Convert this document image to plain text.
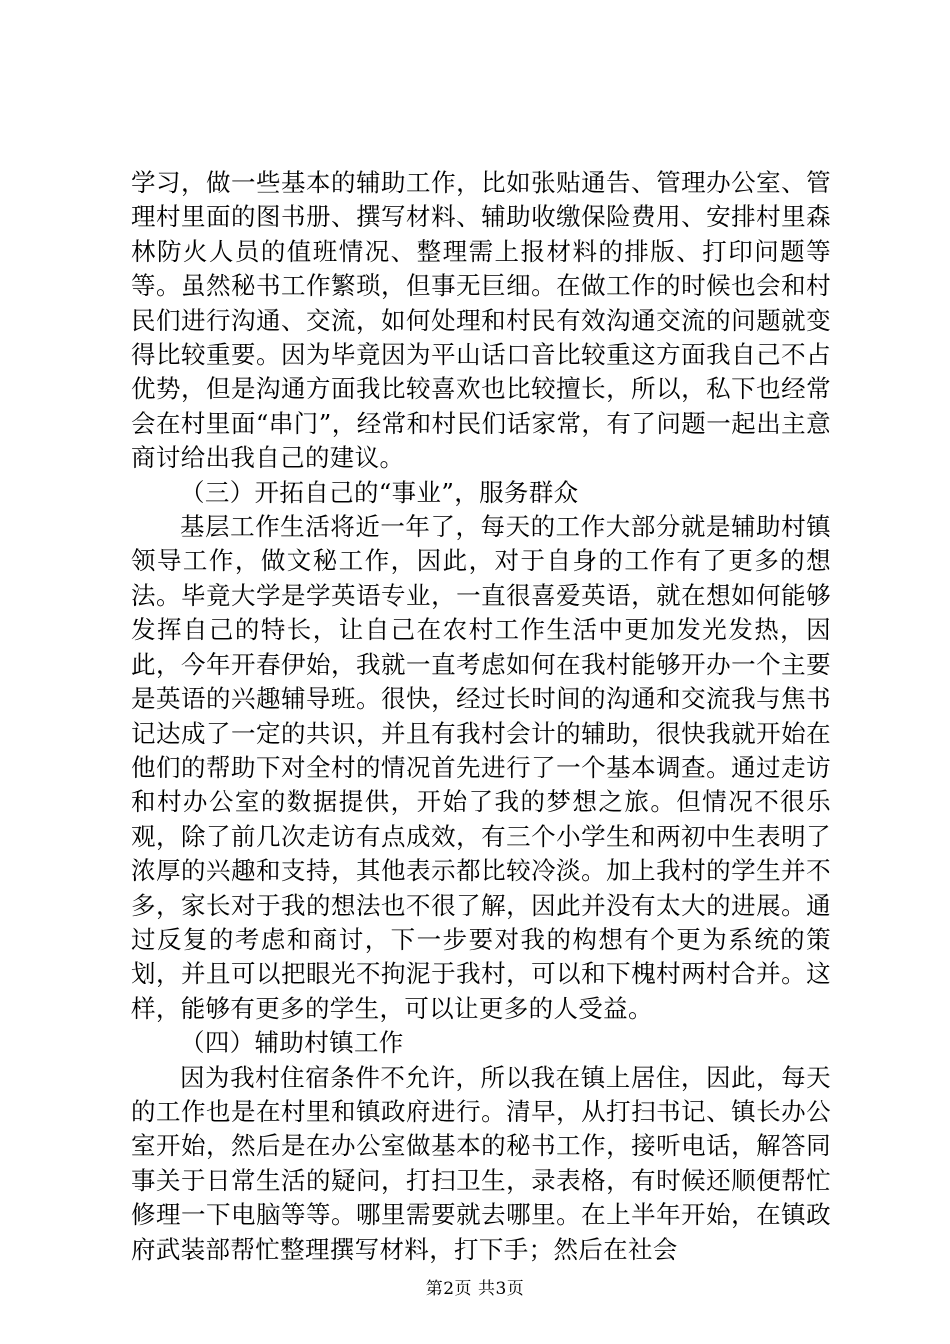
学习，做一些基本的辅助工作，比如张贴通告、管理办公室、管理村里面的图书册、撰写材料、辅助收缴保险费用、安排村里森林防火人员的值班情况、整理需上报材料的排版、打印问题等等。虽然秘书工作繁琐，但事无巨细。在做工作的时候也会和村民们进行沟通、交流，如何处理和村民有效沟通交流的问题就变得比较重要。因为毕竟因为平山话口音比较重这方面我自己不占优势，但是沟通方面我比较喜欢也比较擅长，所以，私下也经常会在村里面“串门”，经常和村民们话家常，有了问题一起出主意商讨给出我自己的建议。

（三）开拓自己的“事业”，服务群众

基层工作生活将近一年了，每天的工作大部分就是辅助村镇领导工作，做文秘工作，因此，对于自身的工作有了更多的想法。毕竟大学是学英语专业，一直很喜爱英语，就在想如何能够发挥自己的特长，让自己在农村工作生活中更加发光发热，因此，今年开春伊始，我就一直考虑如何在我村能够开办一个主要是英语的兴趣辅导班。很快，经过长时间的沟通和交流我与焦书记达成了一定的共识，并且有我村会计的辅助，很快我就开始在他们的帮助下对全村的情况首先进行了一个基本调查。通过走访和村办公室的数据提供，开始了我的梦想之旅。但情况不很乐观，除了前几次走访有点成效，有三个小学生和两初中生表明了浓厚的兴趣和支持，其他表示都比较冷淡。加上我村的学生并不多，家长对于我的想法也不很了解，因此并没有太大的进展。通过反复的考虑和商讨，下一步要对我的构想有个更为系统的策划，并且可以把眼光不拘泥于我村，可以和下槐村两村合并。这样，能够有更多的学生，可以让更多的人受益。

（四）辅助村镇工作

因为我村住宿条件不允许，所以我在镇上居住，因此，每天的工作也是在村里和镇政府进行。清早，从打扫书记、镇长办公室开始，然后是在办公室做基本的秘书工作，接听电话，解答同事关于日常生活的疑问，打扫卫生，录表格，有时候还顺便帮忙修理一下电脑等等。哪里需要就去哪里。在上半年开始，在镇政府武装部帮忙整理撰写材料，打下手；然后在社会

第2页 共3页
